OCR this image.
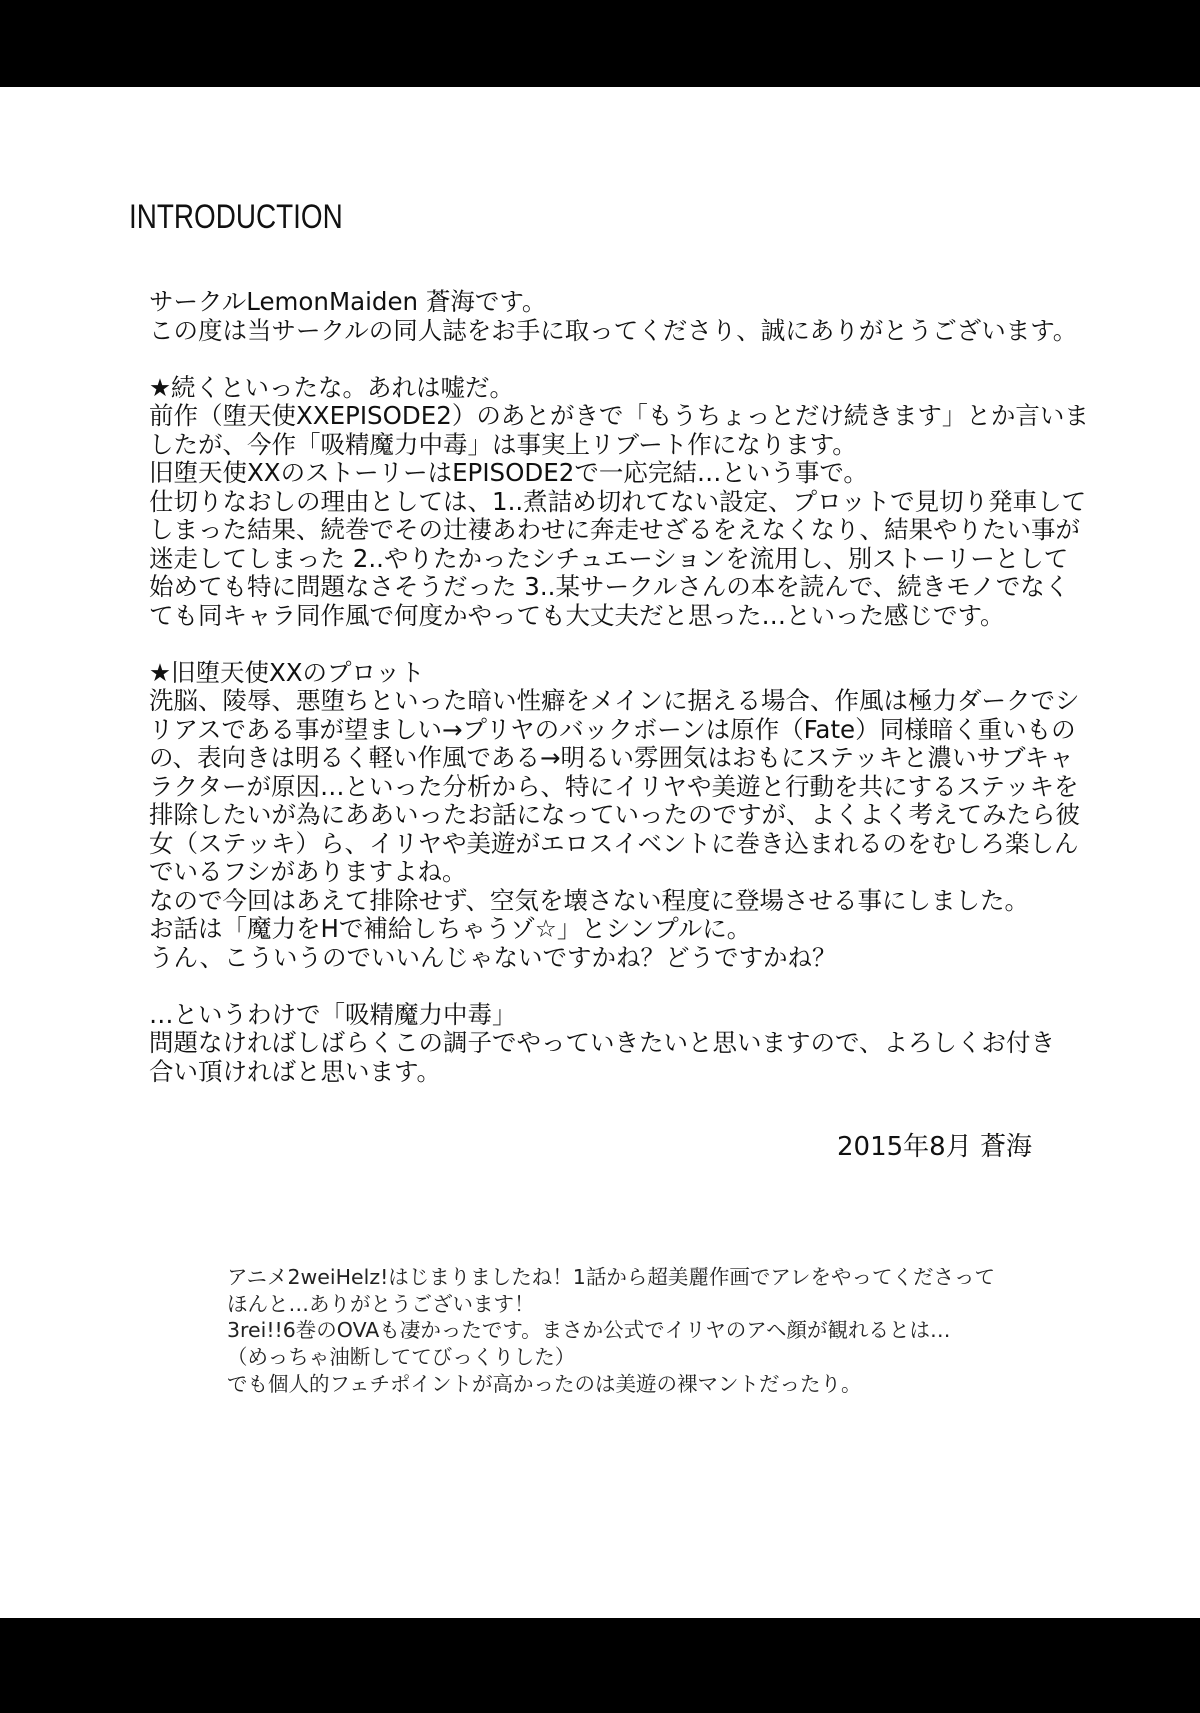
INTRODUCTION
サークルLemonMaiden 蒼海です。
この度は当サークルの同人誌をお手に取ってくださり、誠にありがとうございます。
★続くといったな。あれは嘘だ。
前作（堕天使XXEPISODE2）のあとがきで「もうちょっとだけ続きます」とか言いま
したが、今作「吸精魔力中毒」は事実上リブート作になります。
旧堕天使XXのストーリーはEPISODE2で一応完結…という事で。
仕切りなおしの理由としては、1..煮詰め切れてない設定、プロットで見切り発車して
しまった結果、続巻でその辻褄あわせに奔走せざるをえなくなり、結果やりたい事が
迷走してしまった 2..やりたかったシチュエーションを流用し、別ストーリーとして
始めても特に問題なさそうだった 3..某サークルさんの本を読んで、続きモノでなく
ても同キャラ同作風で何度かやっても大丈夫だと思った…といった感じです。
★旧堕天使XXのプロット
洗脳、陵辱、悪堕ちといった暗い性癖をメインに据える場合、作風は極力ダークでシ
リアスである事が望ましい→プリヤのバックボーンは原作（Fate）同様暗く重いもの
の、表向きは明るく軽い作風である→明るい雰囲気はおもにステッキと濃いサブキャ
ラクターが原因…といった分析から、特にイリヤや美遊と行動を共にするステッキを
排除したいが為にああいったお話になっていったのですが、よくよく考えてみたら彼
女（ステッキ）ら、イリヤや美遊がエロスイベントに巻き込まれるのをむしろ楽しん
でいるフシがありますよね。
なので今回はあえて排除せず、空気を壊さない程度に登場させる事にしました。
お話は「魔力をHで補給しちゃうゾ☆」とシンプルに。
うん、こういうのでいいんじゃないですかね？どうですかね？
…というわけで「吸精魔力中毒」
問題なければしばらくこの調子でやっていきたいと思いますので、よろしくお付き
合い頂ければと思います。
2015年8月 蒼海
アニメ2weiHelz!はじまりましたね！1話から超美麗作画でアレをやってくださって
ほんと…ありがとうございます！
3rei!!6巻のOVAも凄かったです。まさか公式でイリヤのアヘ顔が観れるとは…
（めっちゃ油断しててびっくりした）
でも個人的フェチポイントが高かったのは美遊の裸マントだったり。
